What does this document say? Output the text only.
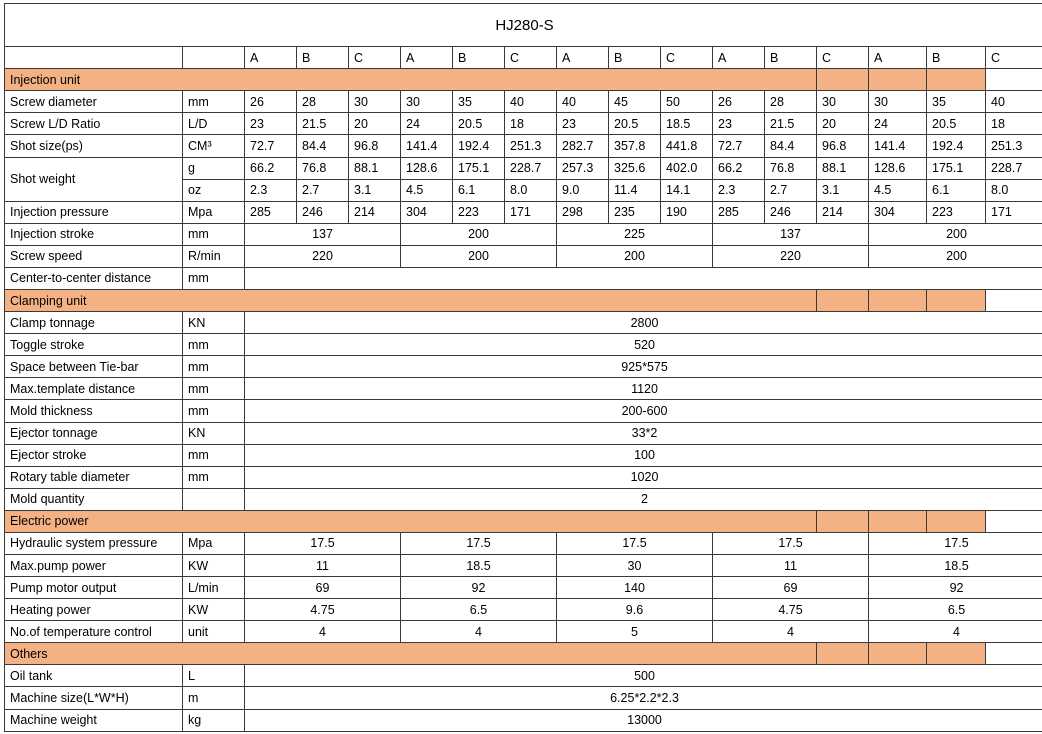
HJ280-S																
		A	B	C	A	B	C	A	B	C	A	B	C	A	B	C
Injection unit																
Screw diameter	mm	26	28	30	30	35	40	40	45	50	26	28	30	30	35	40
Screw L/D Ratio	L/D	23	21.5	20	24	20.5	18	23	20.5	18.5	23	21.5	20	24	20.5	18
Shot size(ps)	CM³	72.7	84.4	96.8	141.4	192.4	251.3	282.7	357.8	441.8	72.7	84.4	96.8	141.4	192.4	251.3
Shot weight	g	66.2	76.8	88.1	128.6	175.1	228.7	257.3	325.6	402.0	66.2	76.8	88.1	128.6	175.1	228.7
	oz	2.3	2.7	3.1	4.5	6.1	8.0	9.0	11.4	14.1	2.3	2.7	3.1	4.5	6.1	8.0
Injection pressure	Mpa	285	246	214	304	223	171	298	235	190	285	246	214	304	223	171
Injection stroke	mm	137			200			225			137			200		
Screw speed	R/min	220			200			200			220			200		
Center-to-center distance	mm															
Clamping unit																
Clamp tonnage	KN	2800														
Toggle stroke	mm	520														
Space between Tie-bar	mm	925*575														
Max.template distance	mm	1120														
Mold thickness	mm	200-600														
Ejector tonnage	KN	33*2														
Ejector stroke	mm	100														
Rotary table diameter	mm	1020														
Mold quantity		2														
Electric power																
Hydraulic system pressure	Mpa	17.5			17.5			17.5			17.5			17.5		
Max.pump power	KW	11			18.5			30			11			18.5		
Pump motor output	L/min	69			92			140			69			92		
Heating power	KW	4.75			6.5			9.6			4.75			6.5		
No.of temperature control	unit	4			4			5			4			4		
Others																
Oil tank	L	500														
Machine size(L*W*H)	m	6.25*2.2*2.3														
Machine weight	kg	13000														
